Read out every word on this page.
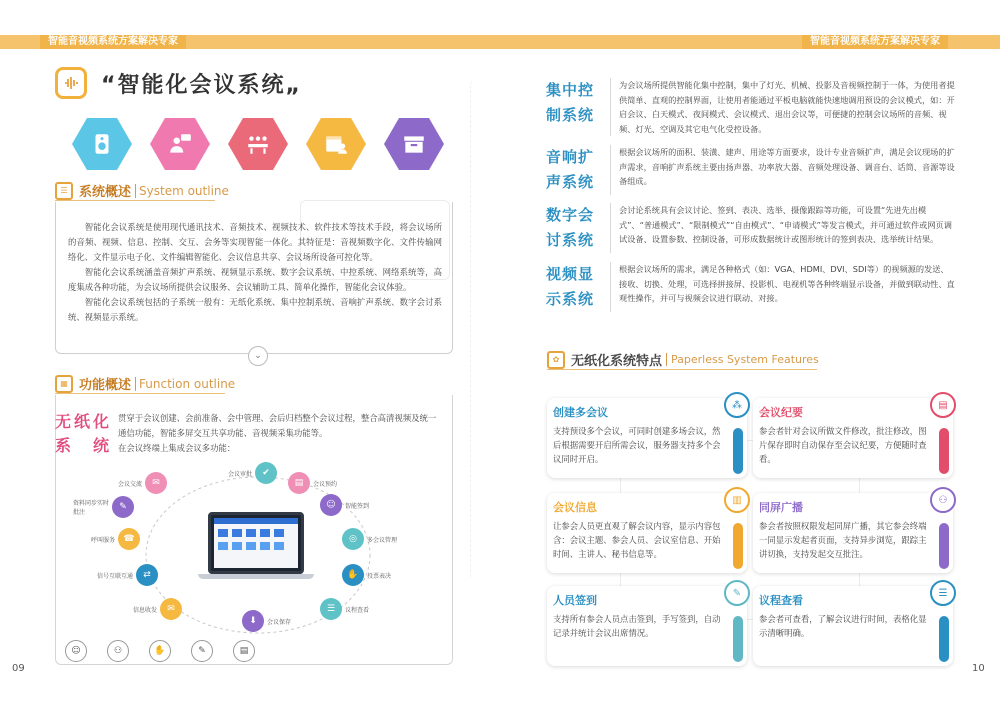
智能音视频系统方案解决专家	智能音视频系统方案解决专家
“智能化会议系统„
☰ 系统概述 System outline

智能化会议系统是使用现代通讯技术、音频技术、视频技术、软件技术等技术手段，将会议场所的音频、视频、信息、控制、交互、会务等实现智能一体化。其特征是：音视频数字化、文件传输网络化、文件显示电子化、文件编辑智能化、会议信息共享、会议场所设备可控化等。

智能化会议系统涵盖音频扩声系统、视频显示系统、数字会议系统、中控系统、网络系统等，高度集成各种功能，为会议场所提供会议服务、会议辅助工具、简单化操作，智能化会议体验。

智能化会议系统包括的子系统一般有：无纸化系统、集中控制系统、音响扩声系统、数字会讨系统、视频显示系统。

⌄
▦ 功能概述 Function outline
无纸化
系　统
贯穿于会议创建、会前准备、会中管理、会后归档整个会议过程，整合高清视频及统一
通信功能，智能多屏交互共享功能、音视频采集功能等。
在会议终端上集成会议多功能：
会议交流	✉
会议审批	✔
▤	会议预约
资料同步实时批注
✎	☺	智能签到
呼叫服务 ☎	◎	多会议管理
信号互联互通	⇄	✋	投票表决
信息收发	✉	☰	议程查看
⬇	会议保存
☺	⚇	✋	✎	▤
09
集中控制系统
为会议场所提供智能化集中控制，集中了灯光、机械、投影及音视频控制于一体，为使用者提供简单、直观的控制界面，让使用者能通过平板电脑就能快速地调用预设的会议模式，如：开启会议、白天模式、夜间模式、会议模式、退出会议等，可便捷的控制会议场所的音频、视频、灯光、空调及其它电气化受控设备。
音响扩声系统
根据会议场所的面积、装潢、建声、用途等方面要求，设计专业音频扩声，满足会议现场的扩声需求，音响扩声系统主要由扬声器、功率放大器、音频处理设备、调音台、话筒、音源等设备组成。
数字会讨系统
会讨论系统具有会议讨论、签到、表决、选举、摄像跟踪等功能，可设置“先进先出模式”、“普通模式”、“限制模式”“自由模式”、“申请模式”等发言模式，并可通过软件或网页调试设备、设置参数、控制设备，可形成数据统计或图形统计的签到表决、选举统计结果。
视频显示系统
根据会议场所的需求，满足各种格式（如：VGA、HDMI、DVI、SDI等）的视频源的发送、接收、切换、处理，可选择拼接屏、投影机、电视机等各种终端显示设备，并做到联动性、直观性操作，并可与视频会议进行联动、对接。
✿ 无纸化系统特点 Paperless System Features
创建多会议
支持预设多个会议，可同时创建多场会议，然后根据需要开启所需会议，服务器支持多个会议同时开启。
⁂
会议纪要
参会者针对会议所做文件修改，批注修改，图片保存即时自动保存至会议纪要，方便随时查看。
▤
会议信息
让参会人员更直观了解会议内容，显示内容包含：会议主题、参会人员、会议室信息、开始时间、主讲人、秘书信息等。
▥
同屏广播
参会者按照权限发起同屏广播，其它参会终端一同显示发起者页面，支持异步浏览，跟踪主讲切换，支持发起交互批注。
⚇
人员签到
支持所有参会人员点击签到，手写签到，自动记录并统计会议出席情况。
✎
议程查看
参会者可查看，了解会议进行时间，表格化显示清晰明确。
☰
10
